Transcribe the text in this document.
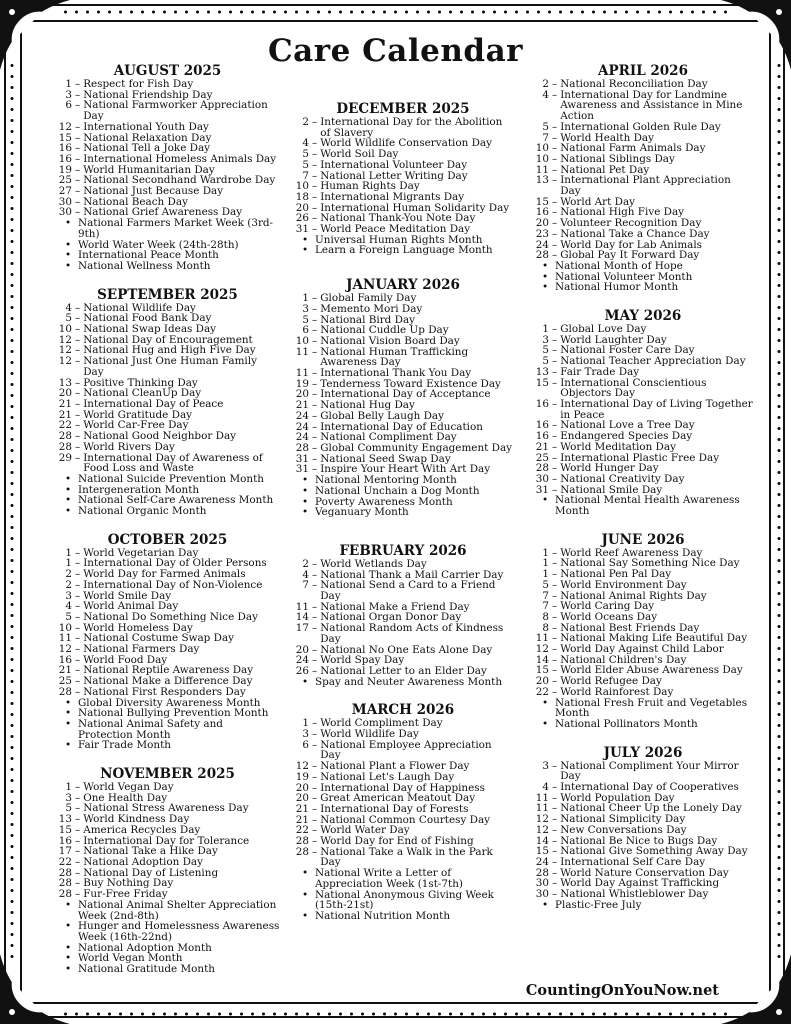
Care Calendar
AUGUST 2025
1 – Respect for Fish Day
3 – National Friendship Day
6 – National Farmworker Appreciation Day
12 – International Youth Day
15 – National Relaxation Day
16 – National Tell a Joke Day
16 – International Homeless Animals Day
19 – World Humanitarian Day
25 – National Secondhand Wardrobe Day
27 – National Just Because Day
30 – National Beach Day
30 – National Grief Awareness Day
• National Farmers Market Week (3rd-9th)
• World Water Week (24th-28th)
• International Peace Month
• National Wellness Month
SEPTEMBER 2025
4 – National Wildlife Day
5 – National Food Bank Day
10 – National Swap Ideas Day
12 – National Day of Encouragement
12 – National Hug and High Five Day
12 – National Just One Human Family Day
13 – Positive Thinking Day
20 – National CleanUp Day
21 – International Day of Peace
21 – World Gratitude Day
22 – World Car-Free Day
28 – National Good Neighbor Day
28 – World Rivers Day
29 – International Day of Awareness of Food Loss and Waste
• National Suicide Prevention Month
• Intergeneration Month
• National Self-Care Awareness Month
• National Organic Month
OCTOBER 2025
1 – World Vegetarian Day
1 – International Day of Older Persons
2 – World Day for Farmed Animals
2 – International Day of Non-Violence
3 – World Smile Day
4 – World Animal Day
5 – National Do Something Nice Day
10 – World Homeless Day
11 – National Costume Swap Day
12 – National Farmers Day
16 – World Food Day
21 – National Reptile Awareness Day
25 – National Make a Difference Day
28 – National First Responders Day
• Global Diversity Awareness Month
• National Bullying Prevention Month
• National Animal Safety and Protection Month
• Fair Trade Month
NOVEMBER 2025
1 – World Vegan Day
3 – One Health Day
5 – National Stress Awareness Day
13 – World Kindness Day
15 – America Recycles Day
16 – International Day for Tolerance
17 – National Take a Hike Day
22 – National Adoption Day
28 – National Day of Listening
28 – Buy Nothing Day
28 – Fur-Free Friday
• National Animal Shelter Appreciation Week (2nd-8th)
• Hunger and Homelessness Awareness Week (16th-22nd)
• National Adoption Month
• World Vegan Month
• National Gratitude Month
DECEMBER 2025
2 – International Day for the Abolition of Slavery
4 – World Wildlife Conservation Day
5 – World Soil Day
5 – International Volunteer Day
7 – National Letter Writing Day
10 – Human Rights Day
18 – International Migrants Day
20 – International Human Solidarity Day
26 – National Thank-You Note Day
31 – World Peace Meditation Day
• Universal Human Rights Month
• Learn a Foreign Language Month
JANUARY 2026
1 – Global Family Day
3 – Memento Mori Day
5 – National Bird Day
6 – National Cuddle Up Day
10 – National Vision Board Day
11 – National Human Trafficking Awareness Day
11 – International Thank You Day
19 – Tenderness Toward Existence Day
20 – International Day of Acceptance
21 – National Hug Day
24 – Global Belly Laugh Day
24 – International Day of Education
24 – National Compliment Day
28 – Global Community Engagement Day
31 – National Seed Swap Day
31 – Inspire Your Heart With Art Day
• National Mentoring Month
• National Unchain a Dog Month
• Poverty Awareness Month
• Veganuary Month
FEBRUARY 2026
2 – World Wetlands Day
4 – National Thank a Mail Carrier Day
7 – National Send a Card to a Friend Day
11 – National Make a Friend Day
14 – National Organ Donor Day
17 – National Random Acts of Kindness Day
20 – National No One Eats Alone Day
24 – World Spay Day
26 – National Letter to an Elder Day
• Spay and Neuter Awareness Month
MARCH 2026
1 – World Compliment Day
3 – World Wildlife Day
6 – National Employee Appreciation Day
12 – National Plant a Flower Day
19 – National Let's Laugh Day
20 – International Day of Happiness
20 – Great American Meatout Day
21 – International Day of Forests
21 – National Common Courtesy Day
22 – World Water Day
28 – World Day for End of Fishing
28 – National Take a Walk in the Park Day
• National Write a Letter of Appreciation Week (1st-7th)
• National Anonymous Giving Week (15th-21st)
• National Nutrition Month
APRIL 2026
2 – National Reconciliation Day
4 – International Day for Landmine Awareness and Assistance in Mine Action
5 – International Golden Rule Day
7 – World Health Day
10 – National Farm Animals Day
10 – National Siblings Day
11 – National Pet Day
13 – International Plant Appreciation Day
15 – World Art Day
16 – National High Five Day
20 – Volunteer Recognition Day
23 – National Take a Chance Day
24 – World Day for Lab Animals
28 – Global Pay It Forward Day
• National Month of Hope
• National Volunteer Month
• National Humor Month
MAY 2026
1 – Global Love Day
3 – World Laughter Day
5 – National Foster Care Day
5 – National Teacher Appreciation Day
13 – Fair Trade Day
15 – International Conscientious Objectors Day
16 – International Day of Living Together in Peace
16 – National Love a Tree Day
16 – Endangered Species Day
21 – World Meditation Day
25 – International Plastic Free Day
28 – World Hunger Day
30 – National Creativity Day
31 – National Smile Day
• National Mental Health Awareness Month
JUNE 2026
1 – World Reef Awareness Day
1 – National Say Something Nice Day
1 – National Pen Pal Day
5 – World Environment Day
7 – National Animal Rights Day
7 – World Caring Day
8 – World Oceans Day
8 – National Best Friends Day
11 – National Making Life Beautiful Day
12 – World Day Against Child Labor
14 – National Children's Day
15 – World Elder Abuse Awareness Day
20 – World Refugee Day
22 – World Rainforest Day
• National Fresh Fruit and Vegetables Month
• National Pollinators Month
JULY 2026
3 – National Compliment Your Mirror Day
4 – International Day of Cooperatives
11 – World Population Day
11 – National Cheer Up the Lonely Day
12 – National Simplicity Day
12 – New Conversations Day
14 – National Be Nice to Bugs Day
15 – National Give Something Away Day
24 – International Self Care Day
28 – World Nature Conservation Day
30 – World Day Against Trafficking
30 – National Whistleblower Day
• Plastic-Free July
CountingOnYouNow.net
